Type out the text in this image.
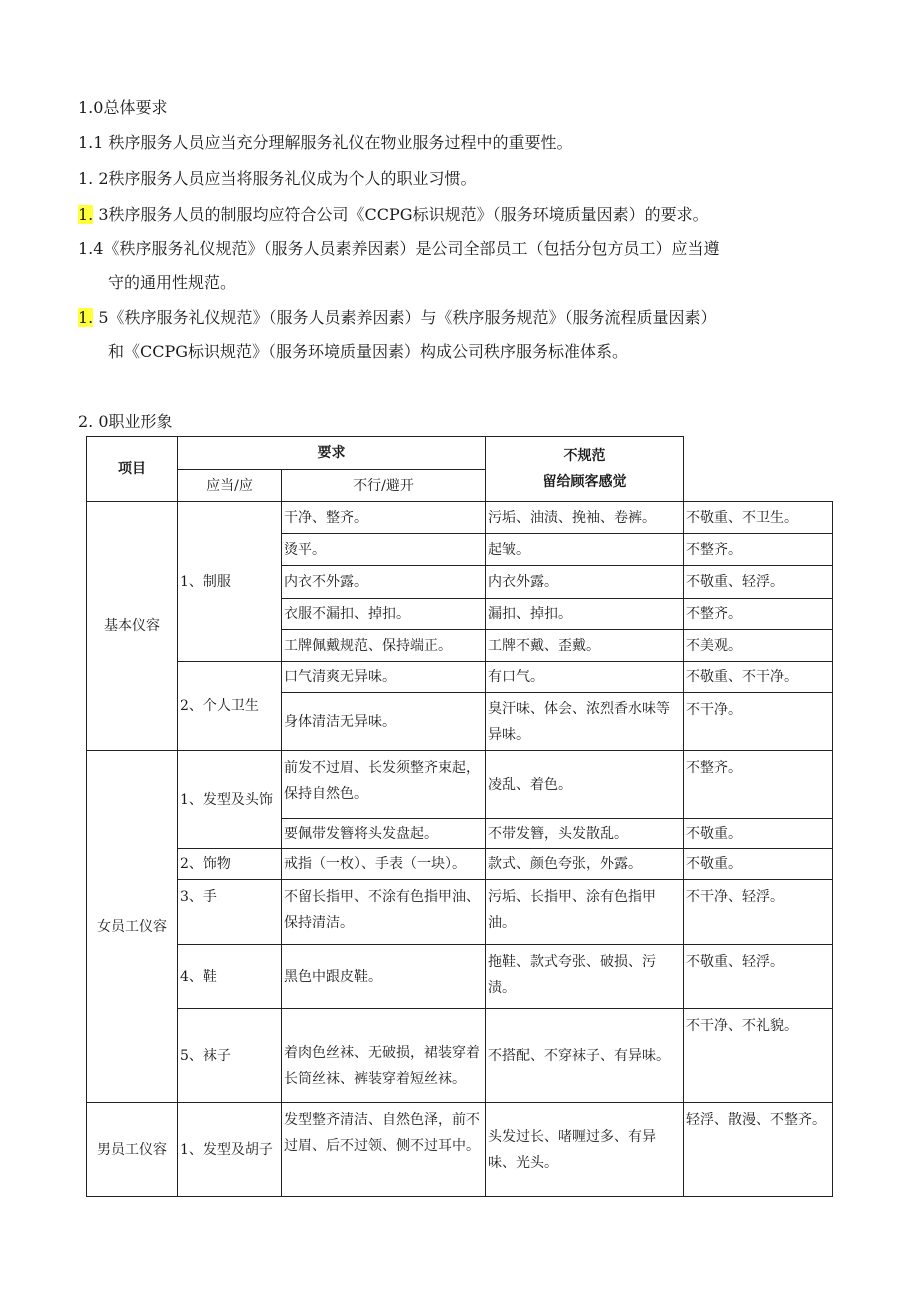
1.0总体要求
1.1 秩序服务人员应当充分理解服务礼仪在物业服务过程中的重要性。
1. 2秩序服务人员应当将服务礼仪成为个人的职业习惯。
1. 3秩序服务人员的制服均应符合公司《CCPG标识规范》（服务环境质量因素）的要求。
1.4《秩序服务礼仪规范》（服务人员素养因素）是公司全部员工（包括分包方员工）应当遵
守的通用性规范。
1. 5《秩序服务礼仪规范》（服务人员素养因素）与《秩序服务规范》（服务流程质量因素）
和《CCPG标识规范》（服务环境质量因素）构成公司秩序服务标准体系。
2. 0职业形象
项目	要求		不规范
留给顾客感觉	

	应当/应	不行/避开		
基本仪容	1、制服	干净、整齐。	污垢、油渍、挽袖、卷裤。	不敬重、不卫生。
		烫平。	起皱。	不整齐。
		内衣不外露。	内衣外露。	不敬重、轻浮。
		衣服不漏扣、掉扣。	漏扣、掉扣。	不整齐。
		工牌佩戴规范、保持端正。	工牌不戴、歪戴。	不美观。
	2、个人卫生	口气清爽无异味。	有口气。	不敬重、不干净。
		身体清洁无异味。	臭汗味、体会、浓烈香水味等异味。	不干净。
女员工仪容	1、发型及头饰	前发不过眉、长发须整齐束起，保持自然色。	凌乱、着色。	不整齐。
		要佩带发簪将头发盘起。	不带发簪，头发散乱。	不敬重。
	2、饰物	戒指（一枚）、手表（一块）。	款式、颜色夸张，外露。	不敬重。
	3、手	不留长指甲、不涂有色指甲油、保持清洁。	污垢、长指甲、涂有色指甲油。	不干净、轻浮。
	4、鞋	黑色中跟皮鞋。	拖鞋、款式夸张、破损、污渍。	不敬重、轻浮。
	5、袜子	着肉色丝袜、无破损，裙装穿着长筒丝袜、裤装穿着短丝袜。	不搭配、不穿袜子、有异味。	不干净、不礼貌。
男员工仪容	1、发型及胡子	发型整齐清洁、自然色泽，前不过眉、后不过领、侧不过耳中。	头发过长、啫喱过多、有异味、光头。	轻浮、散漫、不整齐。
